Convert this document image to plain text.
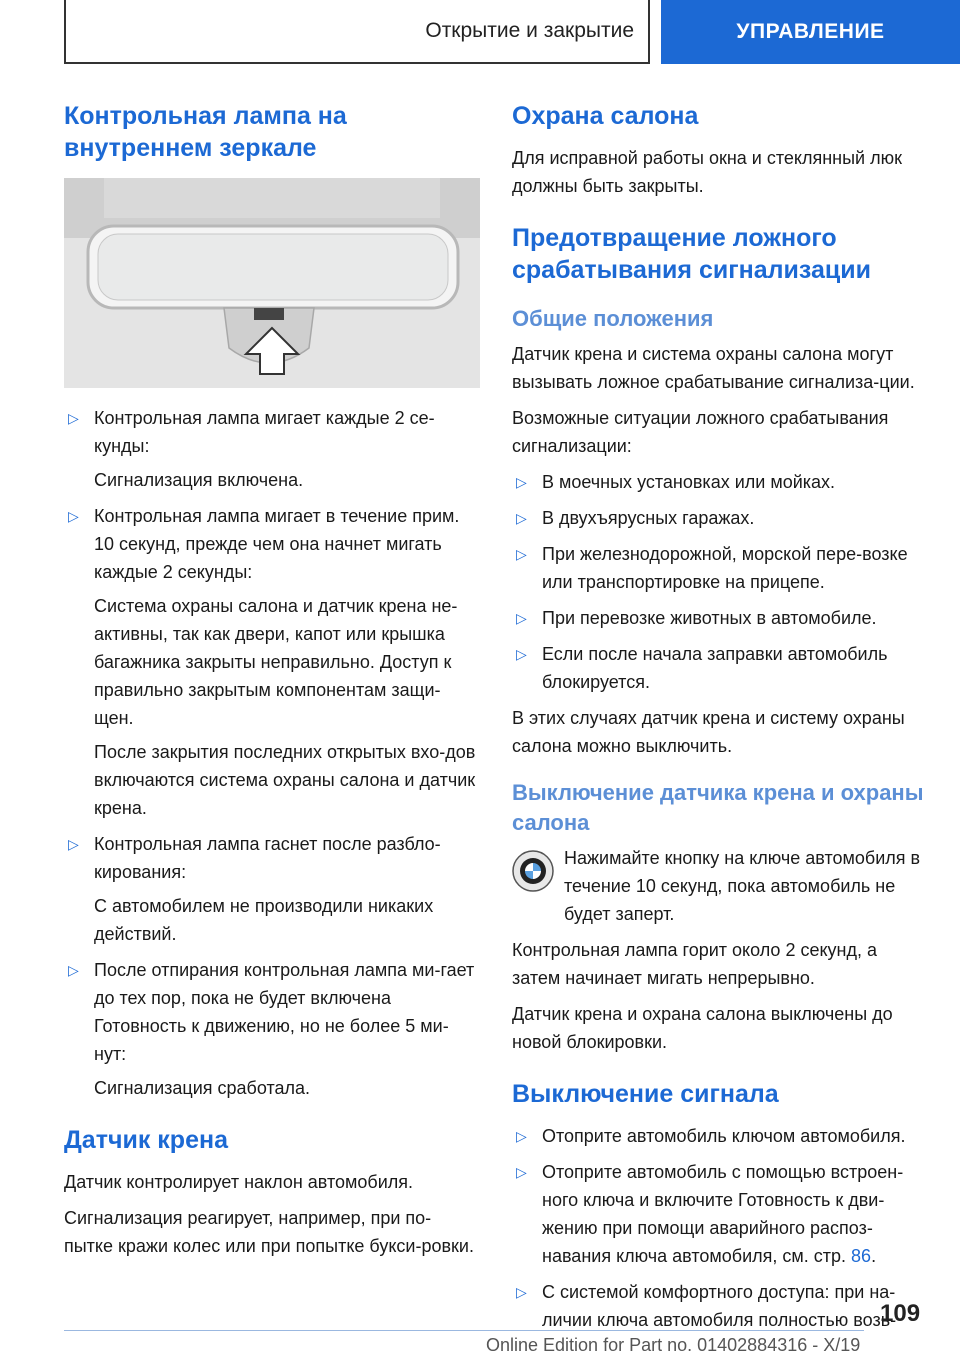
Открытие и закрытие	УПРАВЛЕНИЕ
Контрольная лампа на
внутреннем зеркале
▷ Контрольная лампа мигает каждые 2 се-кунды:

Сигнализация включена.

▷ Контрольная лампа мигает в течение прим. 10 секунд, прежде чем она начнет мигать каждые 2 секунды:

Система охраны салона и датчик крена не-активны, так как двери, капот или крышка багажника закрыты неправильно. Доступ к правильно закрытым компонентам защи-щен.

После закрытия последних открытых вхо-дов включаются система охраны салона и датчик крена.

▷ Контрольная лампа гаснет после разбло-кирования:

С автомобилем не производили никаких действий.

▷ После отпирания контрольная лампа ми-гает до тех пор, пока не будет включена Готовность к движению, но не более 5 ми-нут:

Сигнализация сработала.

Датчик крена

Датчик контролирует наклон автомобиля.

Сигнализация реагирует, например, при по-пытке кражи колес или при попытке букси-ровки.

Охрана салона

Для исправной работы окна и стеклянный люк должны быть закрыты.

Предотвращение ложного срабатывания сигнализации
Общие положения

Датчик крена и система охраны салона могут вызывать ложное срабатывание сигнализа-ции.

Возможные ситуации ложного срабатывания сигнализации:

▷ В моечных установках или мойках.
▷ В двухъярусных гаражах.
▷ При железнодорожной, морской пере-возке или транспортировке на прицепе.
▷ При перевозке животных в автомобиле.
▷ Если после начала заправки автомобиль блокируется.

В этих случаях датчик крена и систему охраны салона можно выключить.

Выключение датчика крена и охраны салона

Нажимайте кнопку на ключе автомобиля в течение 10 секунд, пока автомобиль не будет заперт.

Контрольная лампа горит около 2 секунд, а затем начинает мигать непрерывно.

Датчик крена и охрана салона выключены до новой блокировки.

Выключение сигнала
▷ Отоприте автомобиль ключом автомобиля.
▷ Отоприте автомобиль с помощью встроен-ного ключа и включите Готовность к дви-жению при помощи аварийного распоз-навания ключа автомобиля, см. стр. 86.
▷ С системой комфортного доступа: при на-личии ключа автомобиля полностью возь-
109
Online Edition for Part no. 01402884316 - X/19
